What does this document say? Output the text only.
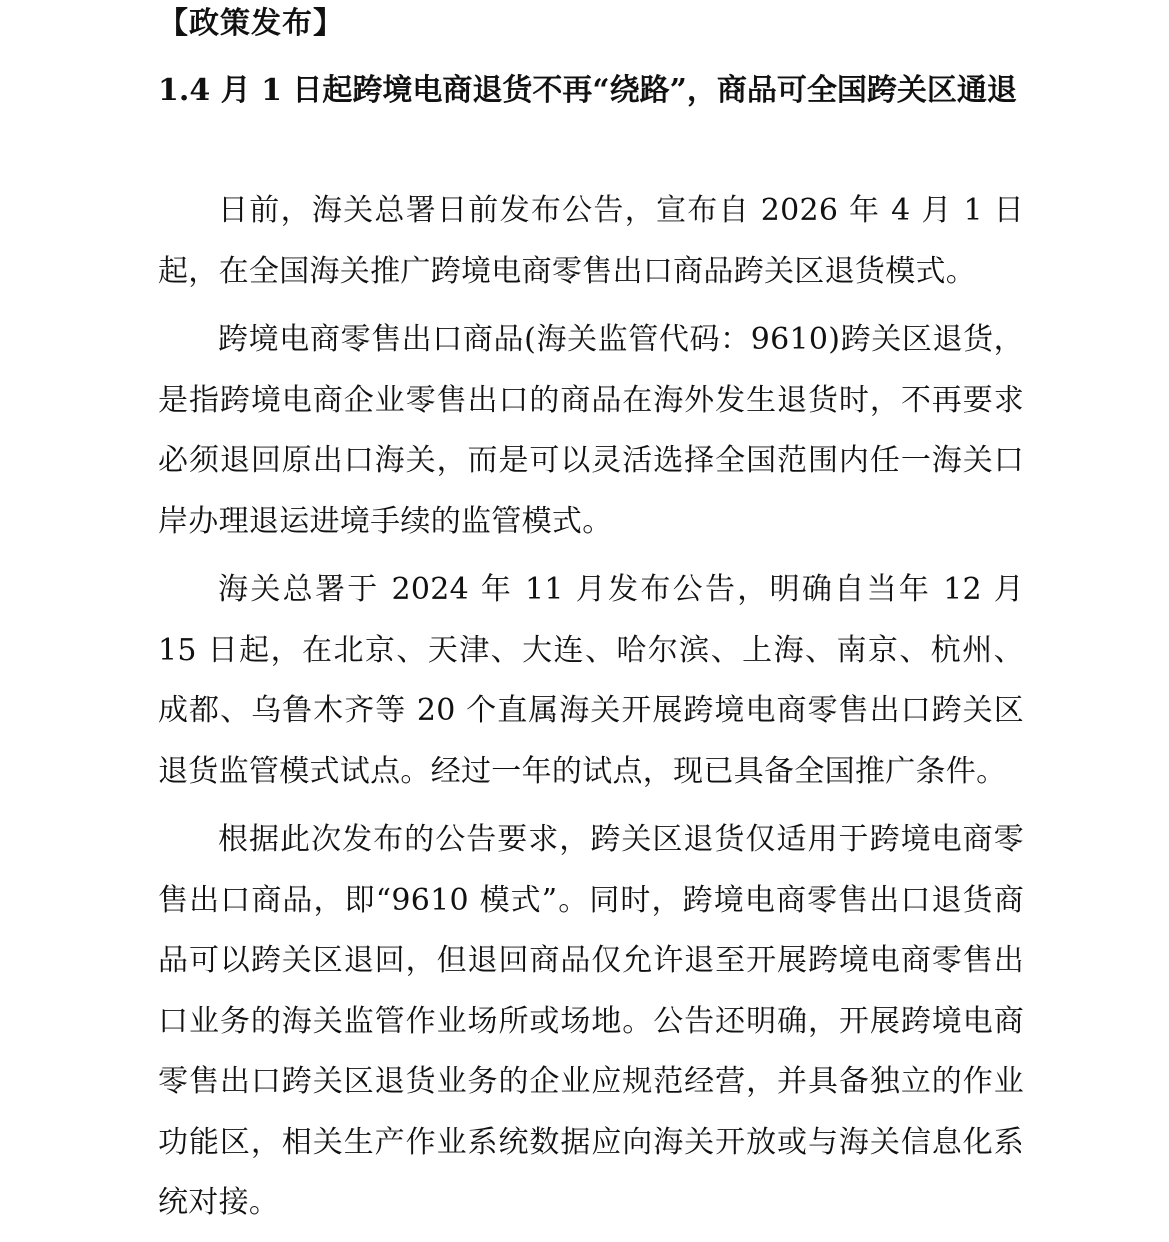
【政策发布】
1.4 月 1 日起跨境电商退货不再“绕路”，商品可全国跨关区通退

日前，海关总署日前发布公告，宣布自 2026 年 4 月 1 日起，在全国海关推广跨境电商零售出口商品跨关区退货模式。

跨境电商零售出口商品(海关监管代码：9610)跨关区退货，是指跨境电商企业零售出口的商品在海外发生退货时，不再要求必须退回原出口海关，而是可以灵活选择全国范围内任一海关口岸办理退运进境手续的监管模式。

海关总署于 2024 年 11 月发布公告，明确自当年 12 月 15 日起，在北京、天津、大连、哈尔滨、上海、南京、杭州、成都、乌鲁木齐等 20 个直属海关开展跨境电商零售出口跨关区退货监管模式试点。经过一年的试点，现已具备全国推广条件。

根据此次发布的公告要求，跨关区退货仅适用于跨境电商零售出口商品，即“9610 模式”。同时，跨境电商零售出口退货商品可以跨关区退回，但退回商品仅允许退至开展跨境电商零售出口业务的海关监管作业场所或场地。公告还明确，开展跨境电商零售出口跨关区退货业务的企业应规范经营，并具备独立的作业功能区，相关生产作业系统数据应向海关开放或与海关信息化系统对接。
